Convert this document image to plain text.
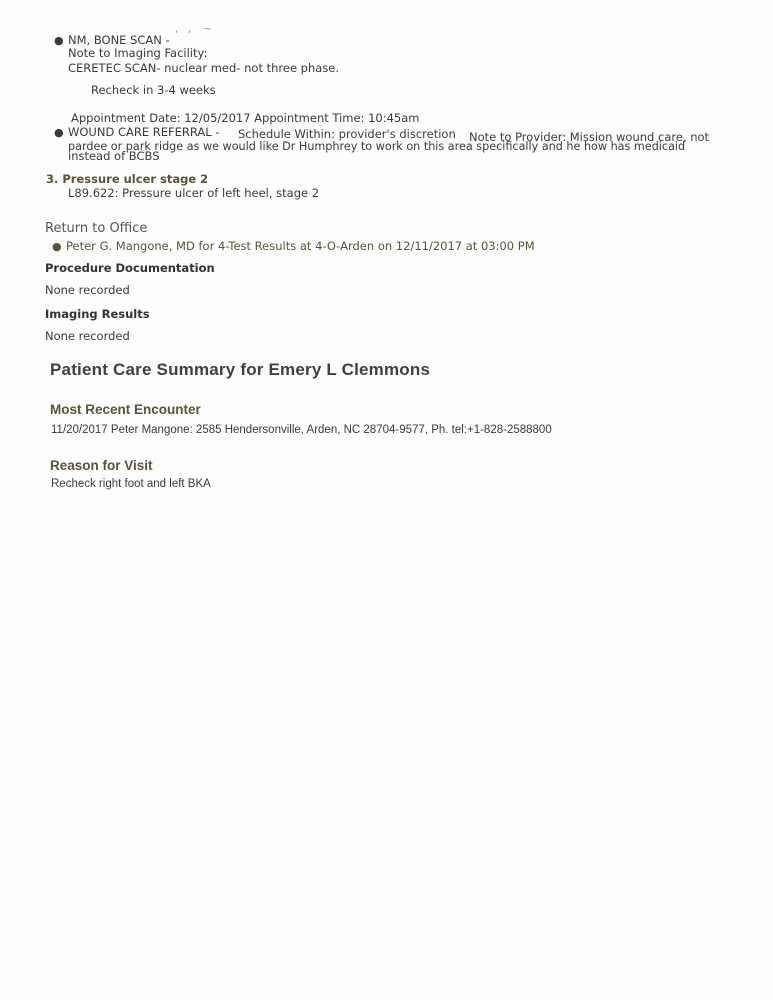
,   ,    ~
● NM, BONE SCAN -
Note to Imaging Facility:
CERETEC SCAN- nuclear med- not three phase.
Recheck in 3-4 weeks
Appointment Date: 12/05/2017 Appointment Time: 10:45am
● WOUND CARE REFERRAL - Schedule Within: provider's discretion Note to Provider: Mission wound care, not
pardee or park ridge as we would like Dr Humphrey to work on this area specifically and he how has medicaid
instead of BCBS
3. Pressure ulcer stage 2
L89.622: Pressure ulcer of left heel, stage 2
Return to Office
● Peter G. Mangone, MD for 4-Test Results at 4-O-Arden on 12/11/2017 at 03:00 PM
Procedure Documentation
None recorded
Imaging Results
None recorded
Patient Care Summary for Emery L Clemmons
Most Recent Encounter
11/20/2017 Peter Mangone: 2585 Hendersonville, Arden, NC 28704-9577, Ph. tel:+1-828-2588800
Reason for Visit
Recheck right foot and left BKA
